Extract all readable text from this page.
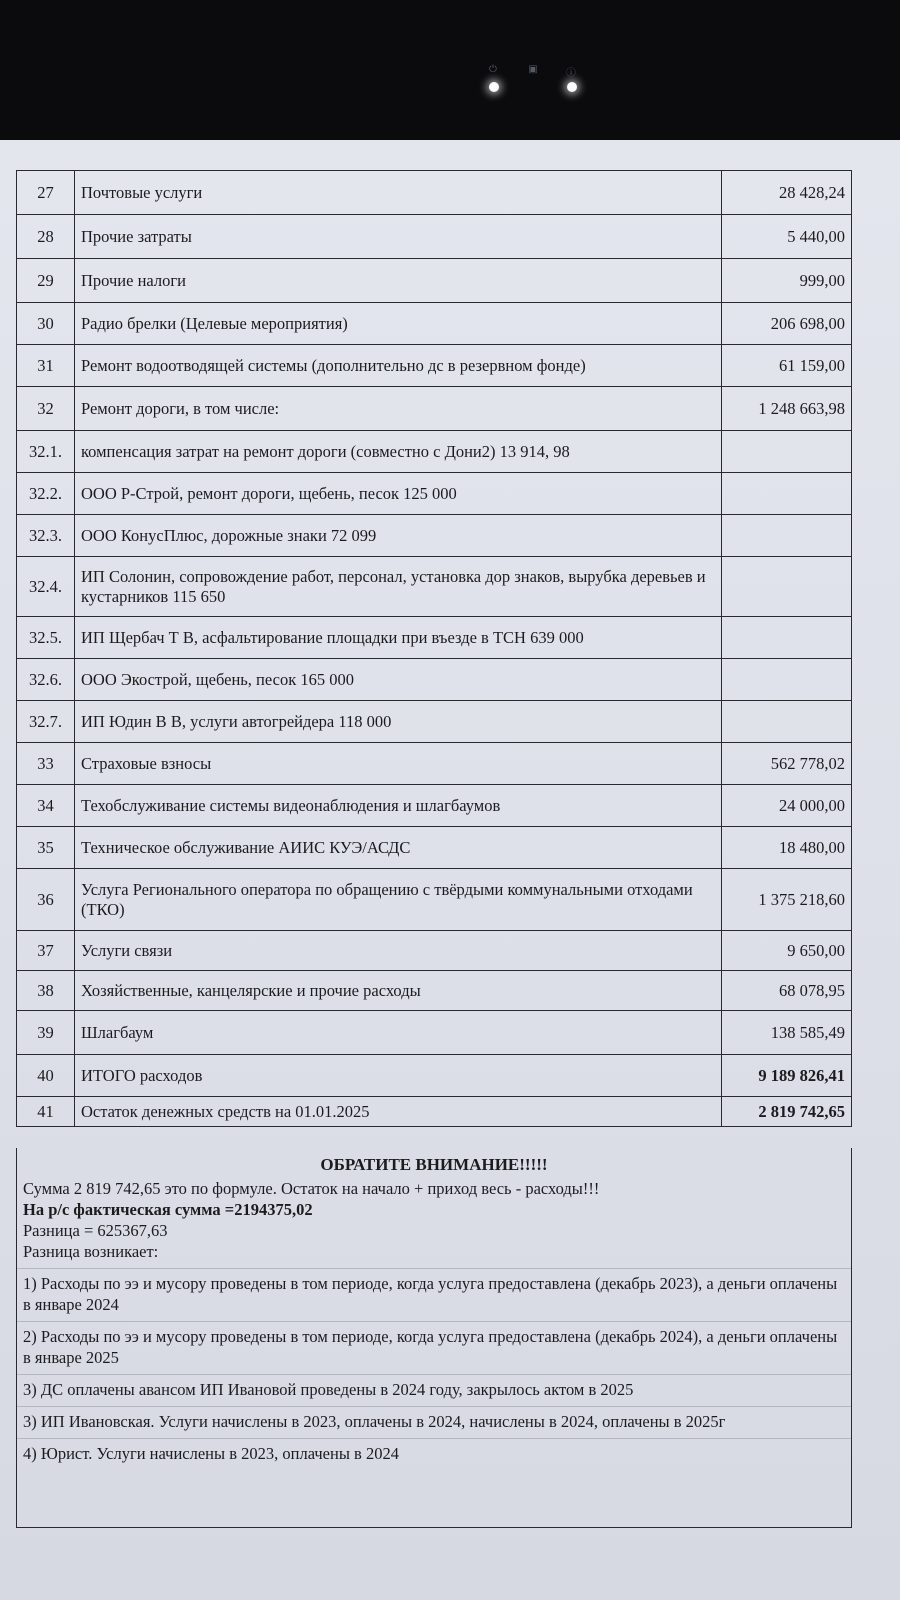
⏻	▣	ⓘ
27	Почтовые услуги	28 428,24
28	Прочие затраты	5 440,00
29	Прочие налоги	999,00
30	Радио брелки (Целевые мероприятия)	206 698,00
31	Ремонт водоотводящей системы (дополнительно дс в резервном фонде)	61 159,00
32	Ремонт дороги, в том числе:	1 248 663,98
32.1.	компенсация затрат на ремонт дороги (совместно с Дони2) 13 914, 98	
32.2.	ООО Р-Строй, ремонт дороги, щебень, песок 125 000	
32.3.	ООО КонусПлюс, дорожные знаки 72 099	
32.4.	ИП Солонин, сопровождение работ, персонал, установка дор знаков, вырубка деревьев и кустарников 115 650	
32.5.	ИП Щербач Т В, асфальтирование площадки при въезде в ТСН 639 000	
32.6.	ООО Экострой, щебень, песок 165 000	
32.7.	ИП Юдин В В, услуги автогрейдера 118 000	
33	Страховые взносы	562 778,02
34	Техобслуживание системы видеонаблюдения и шлагбаумов	24 000,00
35	Техническое обслуживание АИИС КУЭ/АСДС	18 480,00
36	Услуга Регионального оператора по обращению с твёрдыми коммунальными отходами (ТКО)	1 375 218,60
37	Услуги связи	9 650,00
38	Хозяйственные, канцелярские и прочие расходы	68 078,95
39	Шлагбаум	138 585,49
40	ИТОГО расходов	9 189 826,41
41	Остаток денежных средств на 01.01.2025	2 819 742,65
ОБРАТИТЕ ВНИМАНИЕ!!!!!

Сумма 2 819 742,65 это по формуле. Остаток на начало + приход весь - расходы!!!

На р/с фактическая сумма =2194375,02

Разница = 625367,63

Разница возникает:

1) Расходы по ээ и мусору проведены в том периоде, когда услуга предоставлена (декабрь 2023), а деньги оплачены в январе 2024

2) Расходы по ээ и мусору проведены в том периоде, когда услуга предоставлена (декабрь 2024), а деньги оплачены в январе 2025

3) ДС оплачены авансом ИП Ивановой проведены в 2024 году, закрылось актом в 2025

3) ИП Ивановская. Услуги начислены в 2023, оплачены в 2024, начислены в 2024, оплачены в 2025г

4) Юрист. Услуги начислены в 2023, оплачены в 2024
